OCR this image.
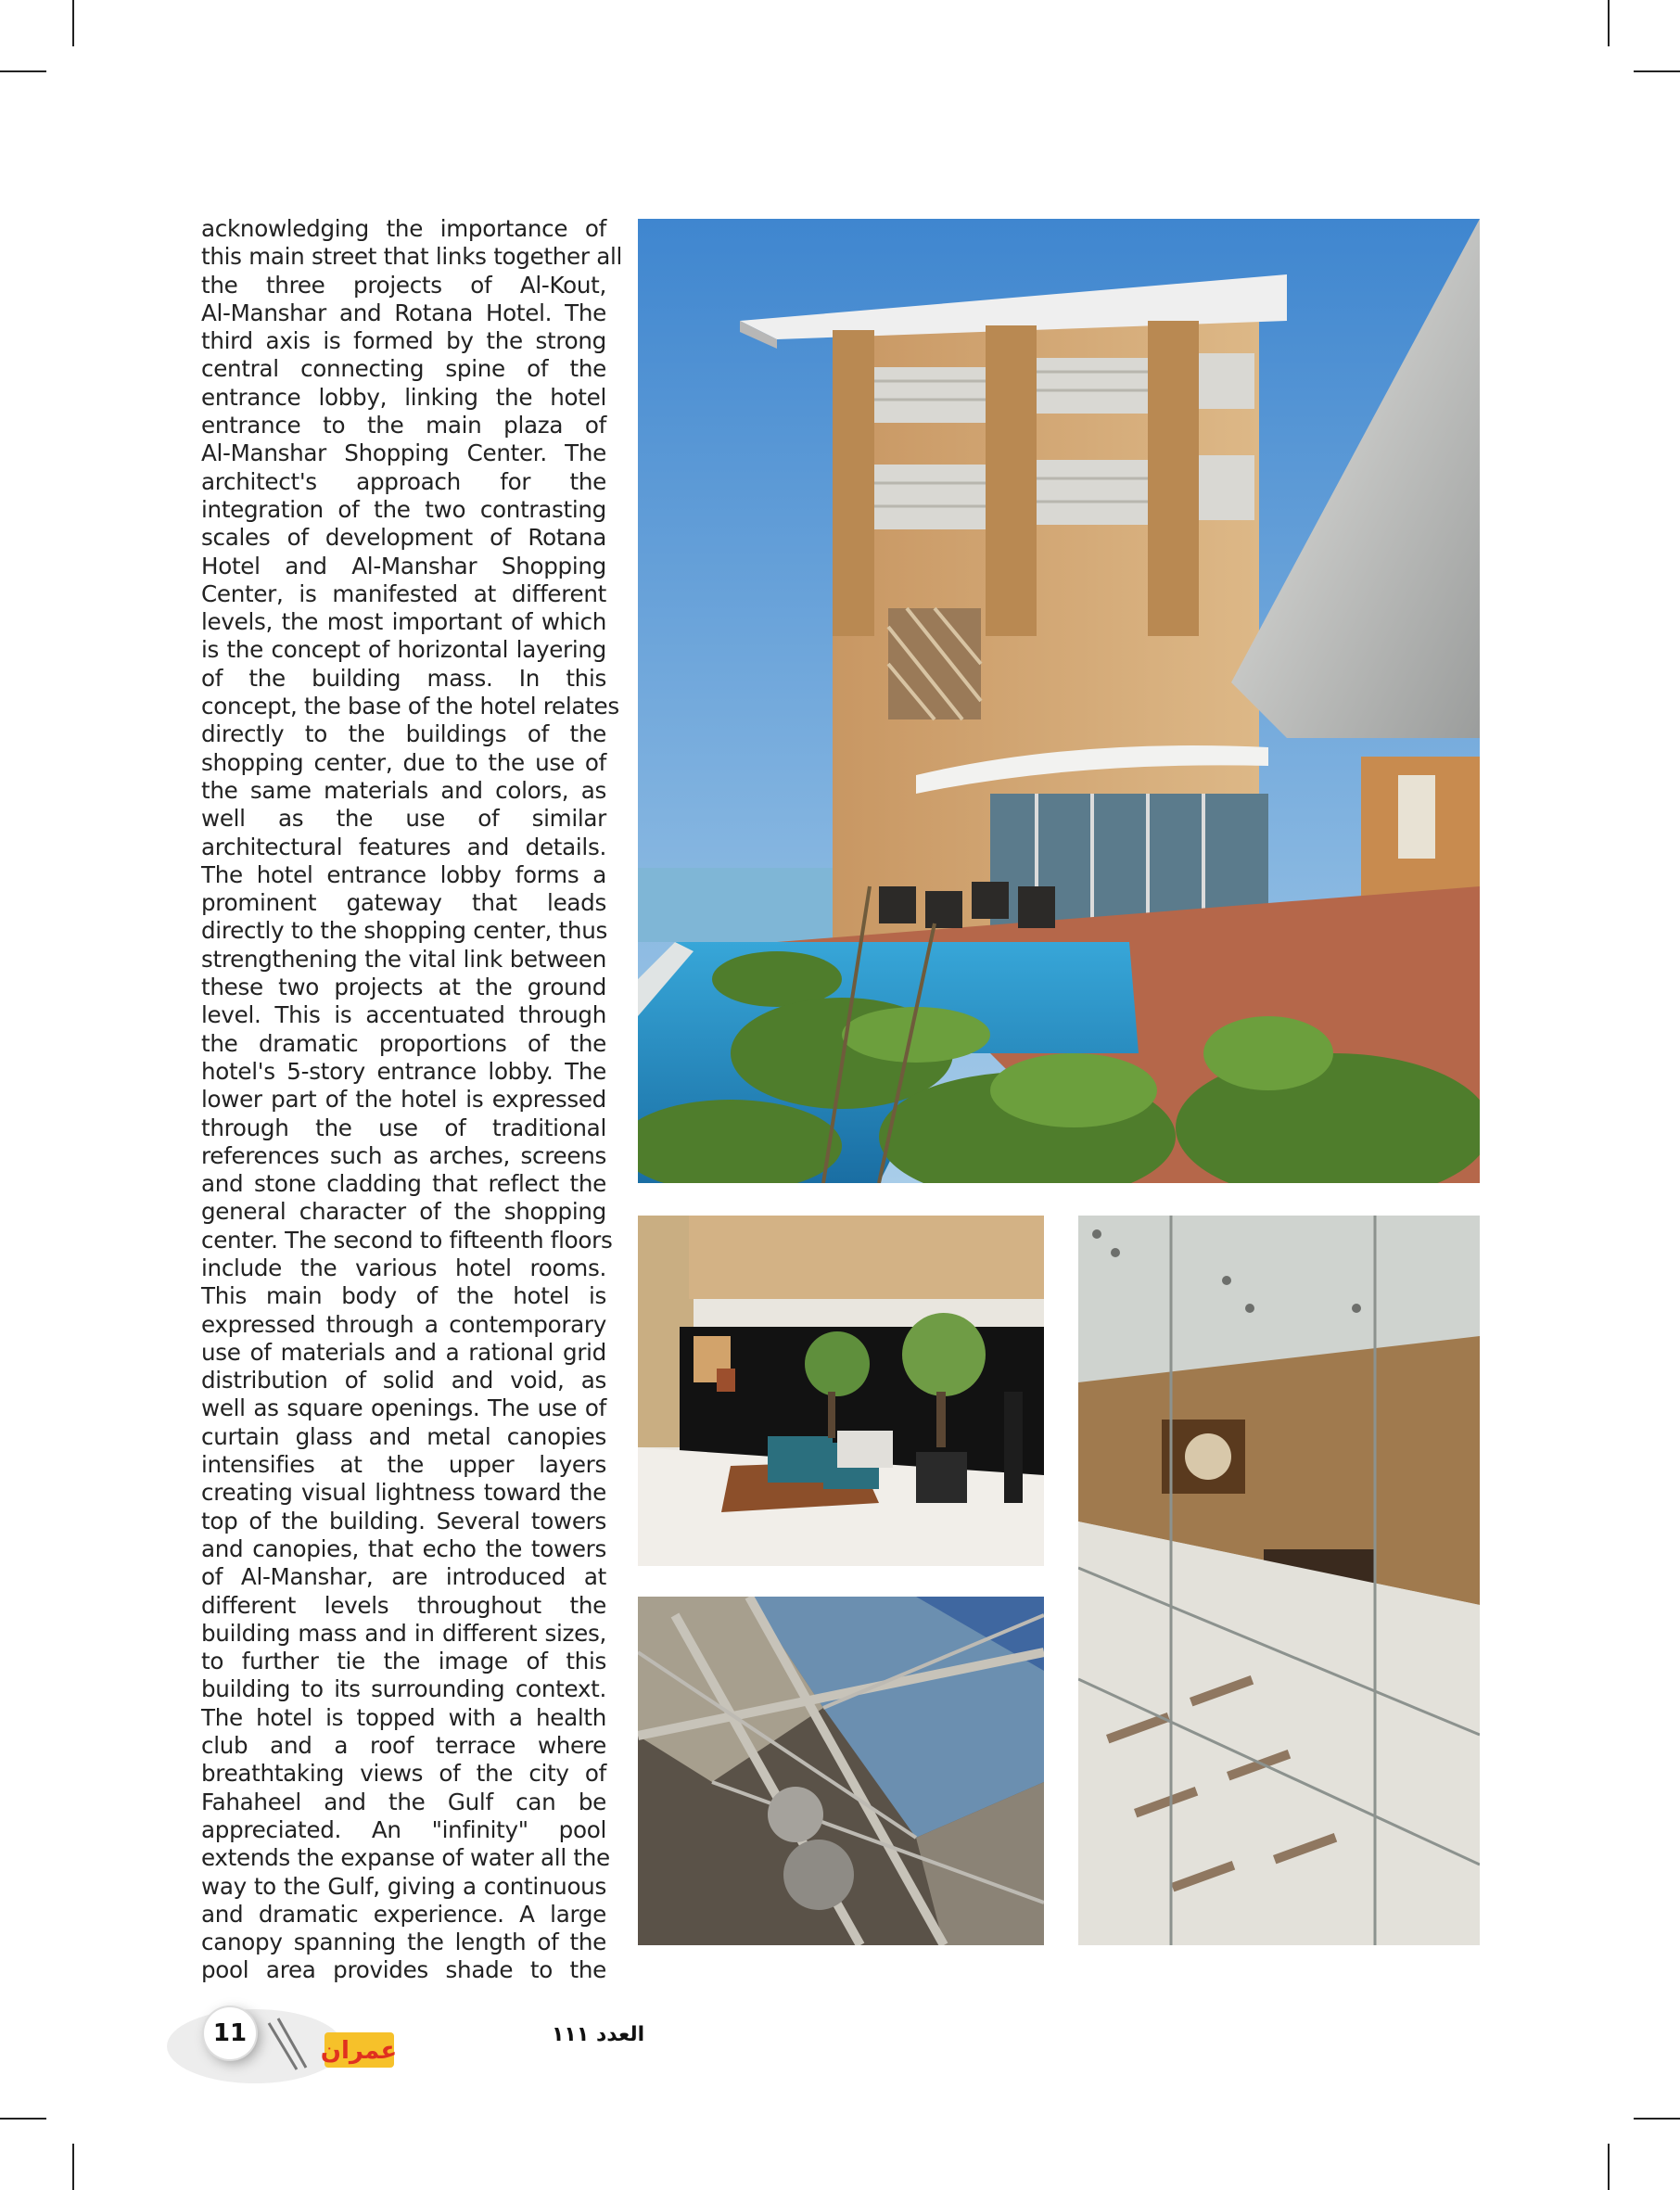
acknowledging the importance of
this main street that links together all
the three projects of Al-Kout,
Al-Manshar and Rotana Hotel. The
third axis is formed by the strong
central connecting spine of the
entrance lobby, linking the hotel
entrance to the main plaza of
Al-Manshar Shopping Center. The
architect's approach for the
integration of the two contrasting
scales of development of Rotana
Hotel and Al-Manshar Shopping
Center, is manifested at different
levels, the most important of which
is the concept of horizontal layering
of the building mass. In this
concept, the base of the hotel relates
directly to the buildings of the
shopping center, due to the use of
the same materials and colors, as
well as the use of similar
architectural features and details.
The hotel entrance lobby forms a
prominent gateway that leads
directly to the shopping center, thus
strengthening the vital link between
these two projects at the ground
level. This is accentuated through
the dramatic proportions of the
hotel's 5-story entrance lobby. The
lower part of the hotel is expressed
through the use of traditional
references such as arches, screens
and stone cladding that reflect the
general character of the shopping
center. The second to fifteenth floors
include the various hotel rooms.
This main body of the hotel is
expressed through a contemporary
use of materials and a rational grid
distribution of solid and void, as
well as square openings. The use of
curtain glass and metal canopies
intensifies at the upper layers
creating visual lightness toward the
top of the building. Several towers
and canopies, that echo the towers
of Al-Manshar, are introduced at
different levels throughout the
building mass and in different sizes,
to further tie the image of this
building to its surrounding context.
The hotel is topped with a health
club and a roof terrace where
breathtaking views of the city of
Fahaheel and the Gulf can be
appreciated. An "infinity" pool
extends the expanse of water all the
way to the Gulf, giving a continuous
and dramatic experience. A large
canopy spanning the length of the
pool area provides shade to the
عمران
11	العدد ١١١
